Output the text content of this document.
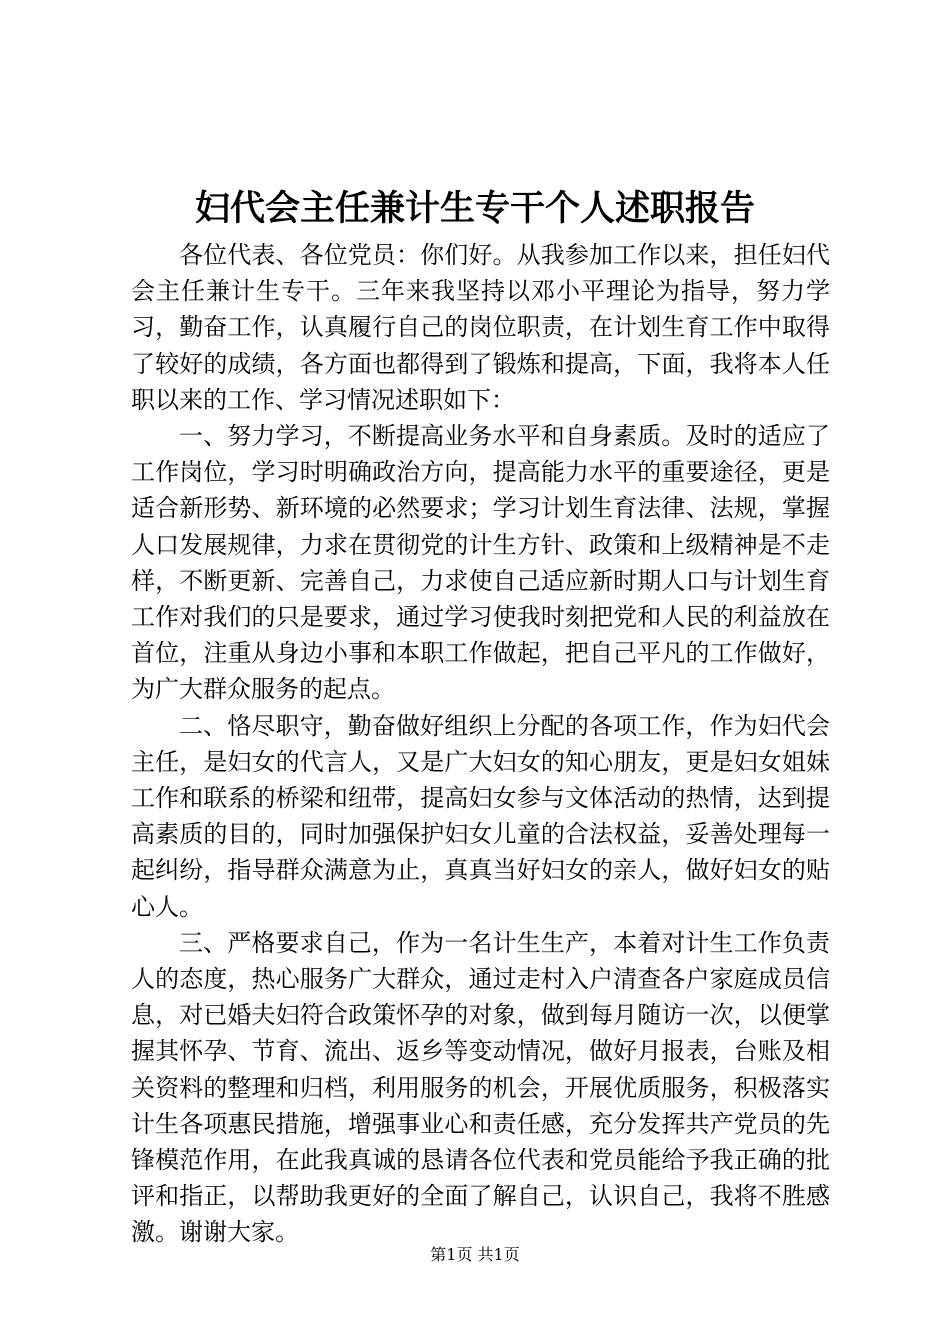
妇代会主任兼计生专干个人述职报告

各位代表、各位党员：你们好。从我参加工作以来，担任妇代会主任兼计生专干。三年来我坚持以邓小平理论为指导，努力学习，勤奋工作，认真履行自己的岗位职责，在计划生育工作中取得了较好的成绩，各方面也都得到了锻炼和提高，下面，我将本人任职以来的工作、学习情况述职如下：

一、努力学习，不断提高业务水平和自身素质。及时的适应了工作岗位，学习时明确政治方向，提高能力水平的重要途径，更是适合新形势、新环境的必然要求；学习计划生育法律、法规，掌握人口发展规律，力求在贯彻党的计生方针、政策和上级精神是不走样，不断更新、完善自己，力求使自己适应新时期人口与计划生育工作对我们的只是要求，通过学习使我时刻把党和人民的利益放在首位，注重从身边小事和本职工作做起，把自己平凡的工作做好，为广大群众服务的起点。

二、恪尽职守，勤奋做好组织上分配的各项工作，作为妇代会主任，是妇女的代言人，又是广大妇女的知心朋友，更是妇女姐妹工作和联系的桥梁和纽带，提高妇女参与文体活动的热情，达到提高素质的目的，同时加强保护妇女儿童的合法权益，妥善处理每一起纠纷，指导群众满意为止，真真当好妇女的亲人，做好妇女的贴心人。

三、严格要求自己，作为一名计生生产，本着对计生工作负责人的态度，热心服务广大群众，通过走村入户清查各户家庭成员信息，对已婚夫妇符合政策怀孕的对象，做到每月随访一次，以便掌握其怀孕、节育、流出、返乡等变动情况，做好月报表，台账及相关资料的整理和归档，利用服务的机会，开展优质服务，积极落实计生各项惠民措施，增强事业心和责任感，充分发挥共产党员的先锋模范作用，在此我真诚的恳请各位代表和党员能给予我正确的批评和指正，以帮助我更好的全面了解自己，认识自己，我将不胜感激。谢谢大家。

第1页 共1页
